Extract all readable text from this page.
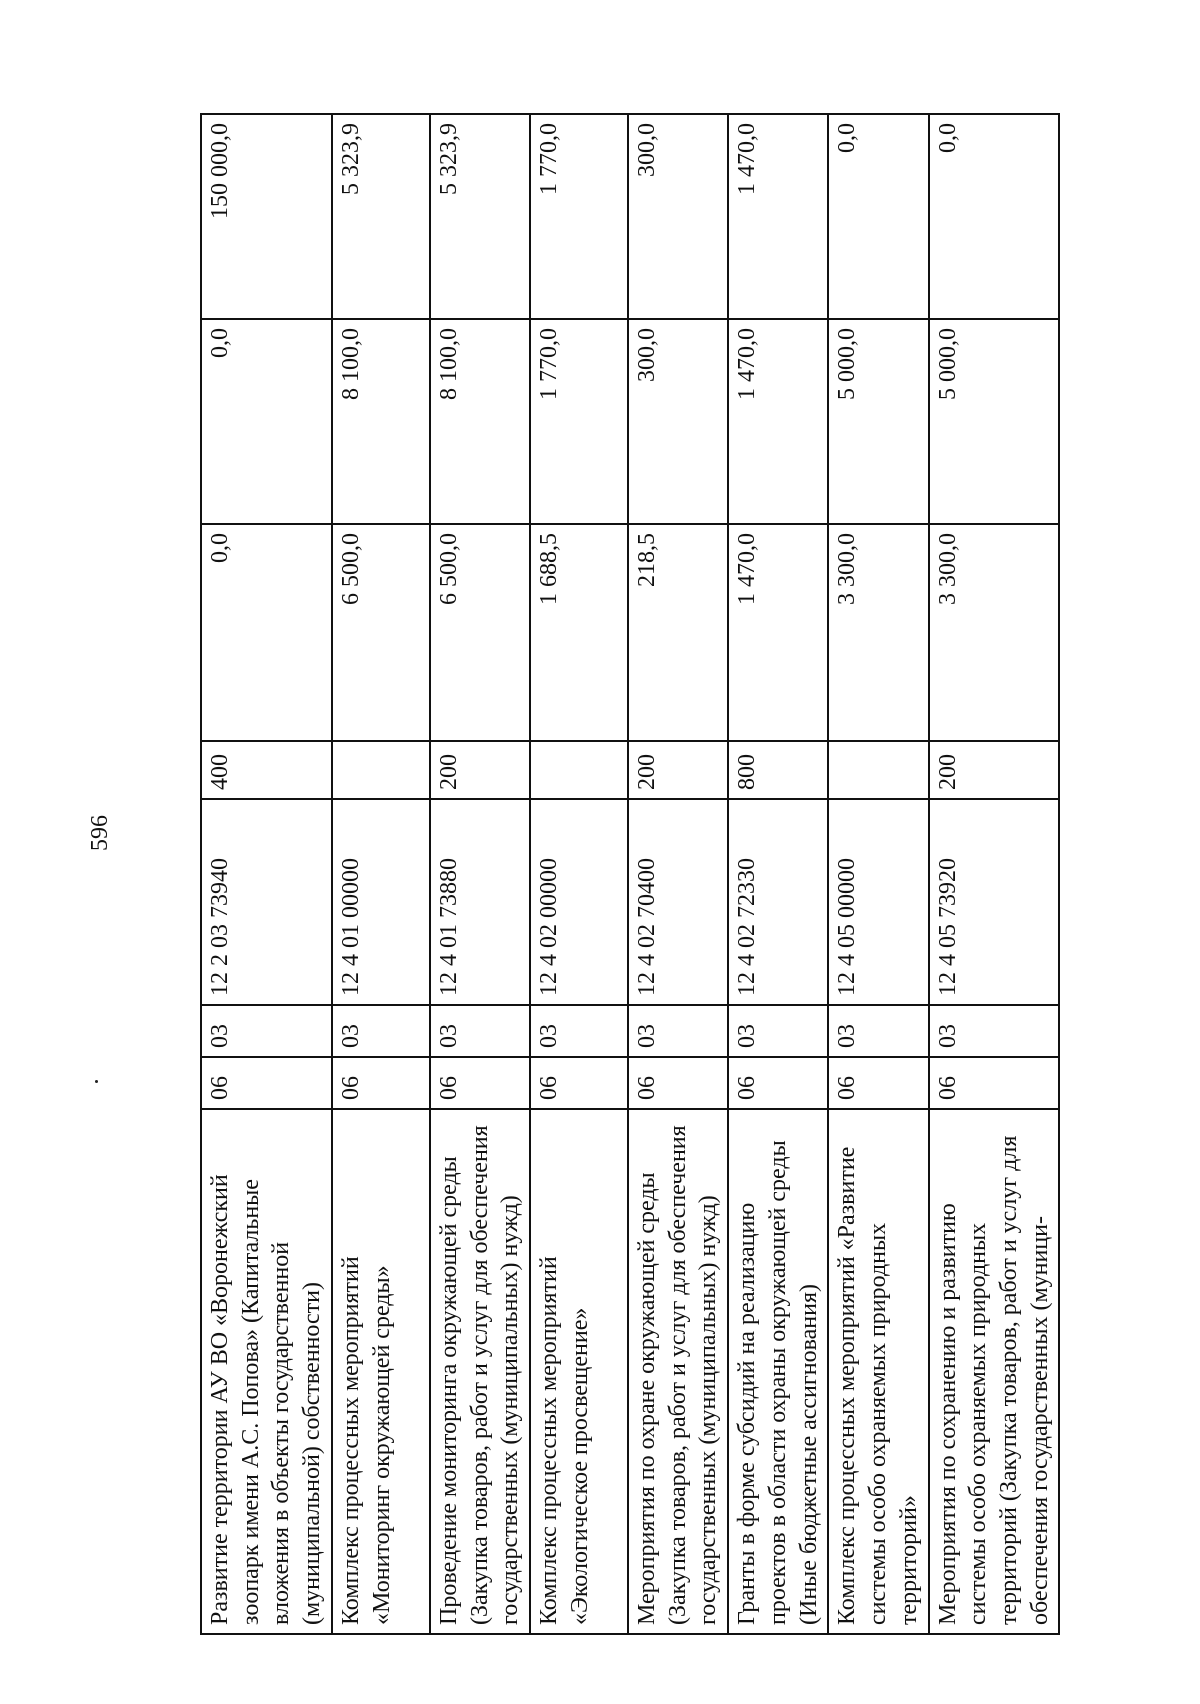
596
Развитие территории АУ ВО «Воронежский зоопарк имени А.С. Попова» (Капитальные вложения в объекты государственной (муниципальной) собственности)	06	03	12 2 03 73940	400	0,0	0,0	150 000,0
Комплекс процессных мероприятий «Мониторинг окружающей среды»	06	03	12 4 01 00000		6 500,0	8 100,0	5 323,9
Проведение мониторинга окружающей среды (Закупка товаров, работ и услуг для обеспечения государственных (муниципальных) нужд)	06	03	12 4 01 73880	200	6 500,0	8 100,0	5 323,9
Комплекс процессных мероприятий «Экологическое просвещение»	06	03	12 4 02 00000		1 688,5	1 770,0	1 770,0
Мероприятия по охране окружающей среды (Закупка товаров, работ и услуг для обеспечения государственных (муниципальных) нужд)	06	03	12 4 02 70400	200	218,5	300,0	300,0
Гранты в форме субсидий на реализацию проектов в области охраны окружающей среды (Иные бюджетные ассигнования)	06	03	12 4 02 72330	800	1 470,0	1 470,0	1 470,0
Комплекс процессных мероприятий «Развитие системы особо охраняемых природных территорий»	06	03	12 4 05 00000		3 300,0	5 000,0	0,0
Мероприятия по сохранению и развитию системы особо охраняемых природных территорий (Закупка товаров, работ и услуг для обеспечения государственных (муници-	06	03	12 4 05 73920	200	3 300,0	5 000,0	0,0
